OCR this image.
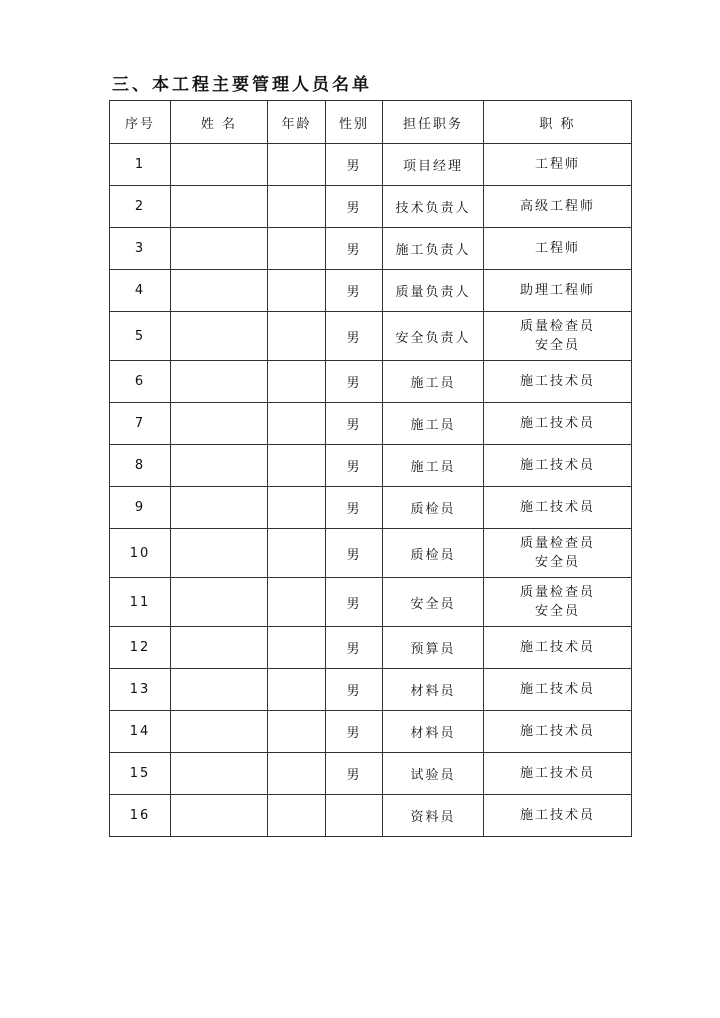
三、本工程主要管理人员名单
序号	姓 名	年龄	性别	担任职务	职 称
1			男	项目经理	工程师

2			男	技术负责人	高级工程师

3			男	施工负责人	工程师

4			男	质量负责人	助理工程师

5			男	安全负责人	质量检查员
安全员

6			男	施工员	施工技术员

7			男	施工员	施工技术员

8			男	施工员	施工技术员

9			男	质检员	施工技术员

10			男	质检员	质量检查员
安全员

11			男	安全员	质量检查员
安全员

12			男	预算员	施工技术员

13			男	材料员	施工技术员

14			男	材料员	施工技术员

15			男	试验员	施工技术员

16				资料员	施工技术员
